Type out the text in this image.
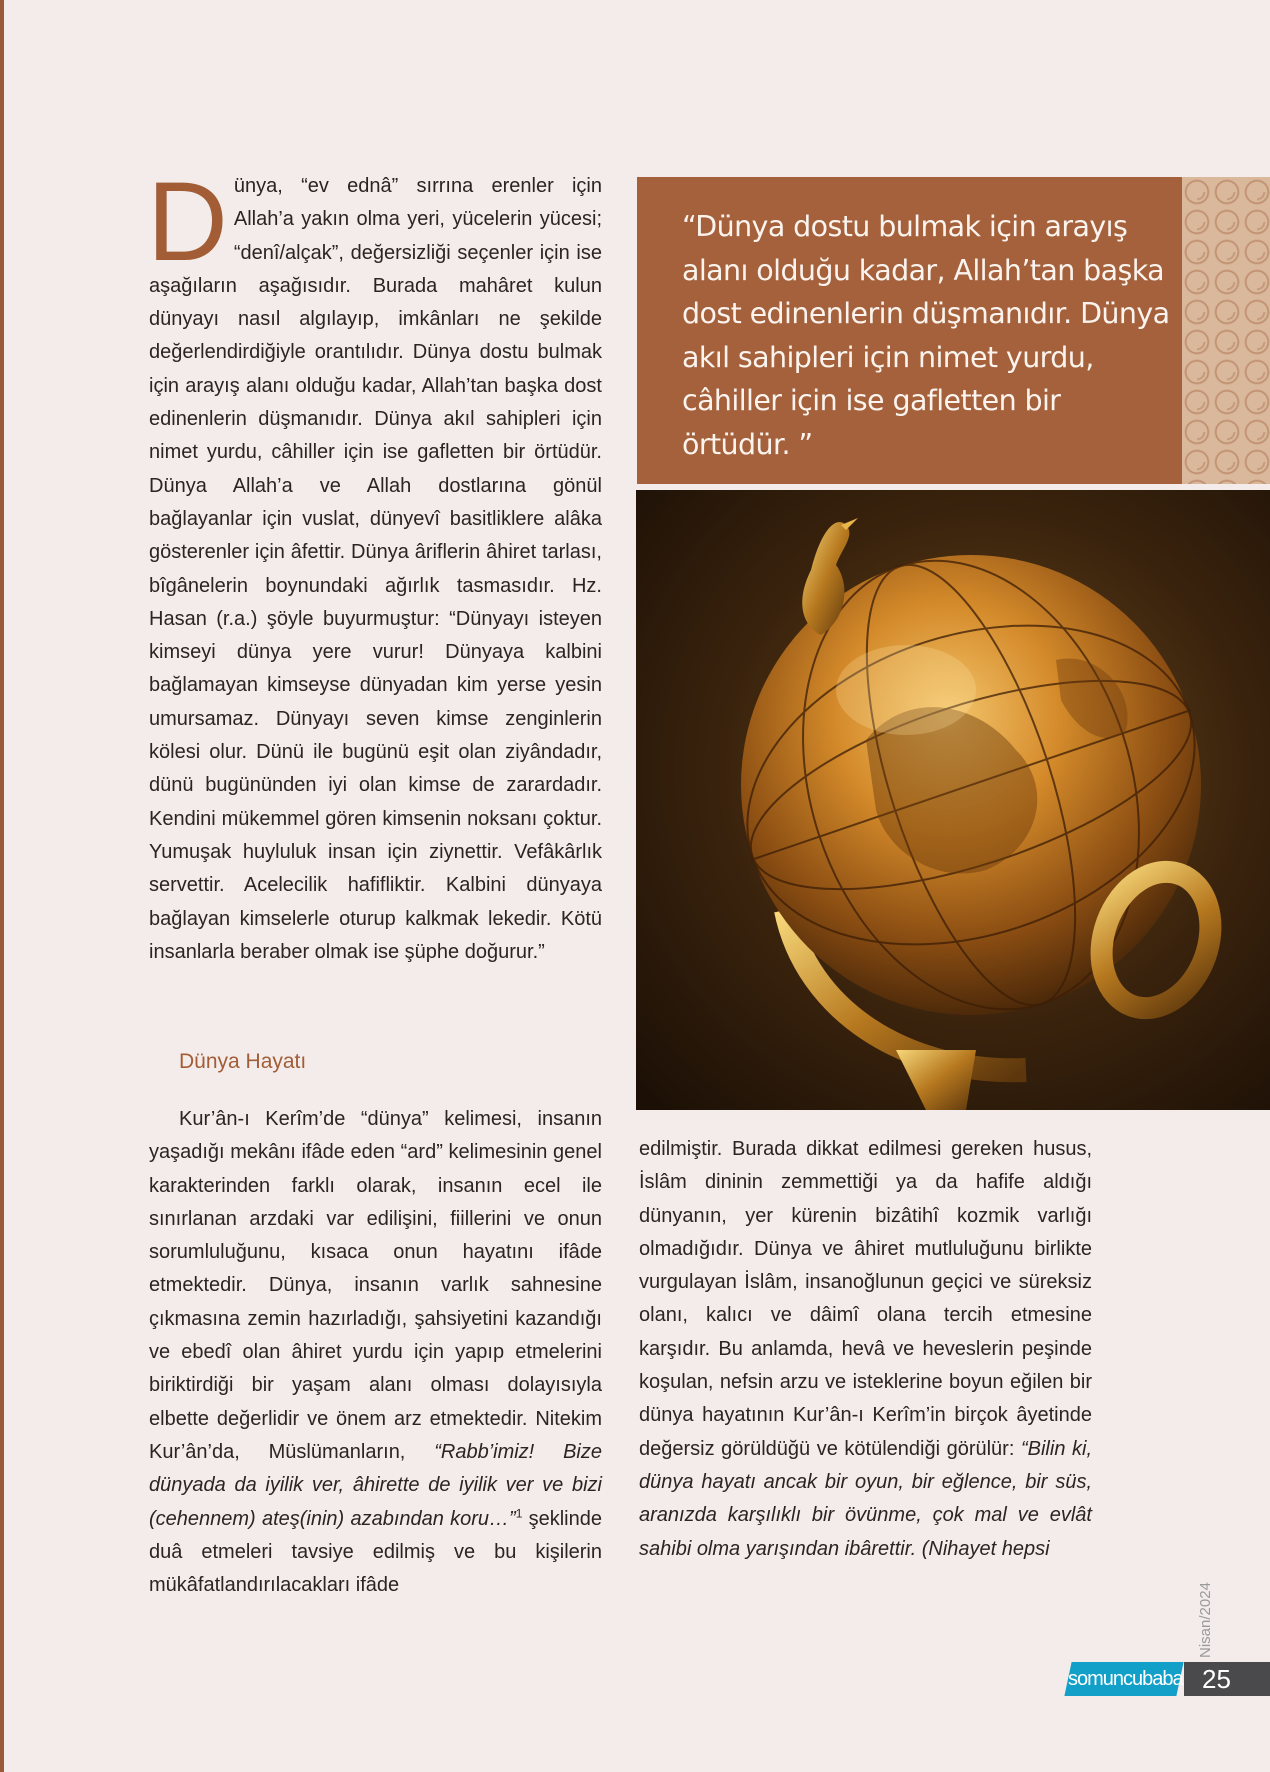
Dünya, “ev ednâ” sırrına erenler için Allah’a yakın olma yeri, yücelerin yücesi; “denî/alçak”, değersizliği seçenler için ise aşağıların aşağısıdır. Burada mahâret kulun dünyayı nasıl algılayıp, imkânları ne şekilde değerlendirdiğiyle orantılıdır. Dünya dostu bulmak için arayış alanı olduğu kadar, Allah’tan başka dost edinenlerin düşmanıdır. Dünya akıl sahipleri için nimet yurdu, câhiller için ise gafletten bir örtüdür. Dünya Allah’a ve Allah dostlarına gönül bağlayanlar için vuslat, dünyevî basitliklere alâka gösterenler için âfettir. Dünya âriflerin âhiret tarlası, bîgânelerin boynundaki ağırlık tasmasıdır. Hz. Hasan (r.a.) şöyle buyurmuştur: “Dünyayı isteyen kimseyi dünya yere vurur! Dünyaya kalbini bağlamayan kimseyse dünyadan kim yerse yesin umursamaz. Dünyayı seven kimse zenginlerin kölesi olur. Dünü ile bugünü eşit olan ziyândadır, dünü bugününden iyi olan kimse de zarardadır. Kendini mükemmel gören kimsenin noksanı çoktur. Yumuşak huyluluk insan için ziynettir. Vefâkârlık servettir. Acelecilik hafifliktir. Kalbini dünyaya bağlayan kimselerle oturup kalkmak lekedir. Kötü insanlarla beraber olmak ise şüphe doğurur.”

Dünya Hayatı

Kur’ân-ı Kerîm’de “dünya” kelimesi, insanın yaşadığı mekânı ifâde eden “ard” kelimesinin genel karakterinden farklı olarak, insanın ecel ile sınırlanan arzdaki var edilişini, fiillerini ve onun sorumluluğunu, kısaca onun hayatını ifâde etmektedir. Dünya, insanın varlık sahnesine çıkmasına zemin hazırladığı, şahsiyetini kazandığı ve ebedî olan âhiret yurdu için yapıp etmelerini biriktirdiği bir yaşam alanı olması dolayısıyla elbette değerlidir ve önem arz etmektedir. Nitekim Kur’ân’da, Müslümanların, “Rabb’imiz! Bize dünyada da iyilik ver, âhirette de iyilik ver ve bizi (cehennem) ateş(inin) azabından koru…”$^1$ şeklinde duâ etmeleri tavsiye edilmiş ve bu kişilerin mükâfatlandırılacakları ifâde

edilmiştir. Burada dikkat edilmesi gereken husus, İslâm dininin zemmettiği ya da hafife aldığı dünyanın, yer kürenin bizâtihî kozmik varlığı olmadığıdır. Dünya ve âhiret mutluluğunu birlikte vurgulayan İslâm, insanoğlunun geçici ve süreksiz olanı, kalıcı ve dâimî olana tercih etmesine karşıdır. Bu anlamda, hevâ ve heveslerin peşinde koşulan, nefsin arzu ve isteklerine boyun eğilen bir dünya hayatının Kur’ân-ı Kerîm’in birçok âyetinde değersiz görüldüğü ve kötülendiği görülür: “Bilin ki, dünya hayatı ancak bir oyun, bir eğlence, bir süs, aranızda karşılıklı bir övünme, çok mal ve evlât sahibi olma yarışından ibârettir. (Nihayet hepsi

“Dünya dostu bulmak için arayış alanı olduğu kadar, Allah’tan başka dost edinenlerin düşmanıdır. Dünya akıl sahipleri için nimet yurdu, câhiller için ise gafletten bir örtüdür. ”

Nisan/2024
somuncubaba 25
